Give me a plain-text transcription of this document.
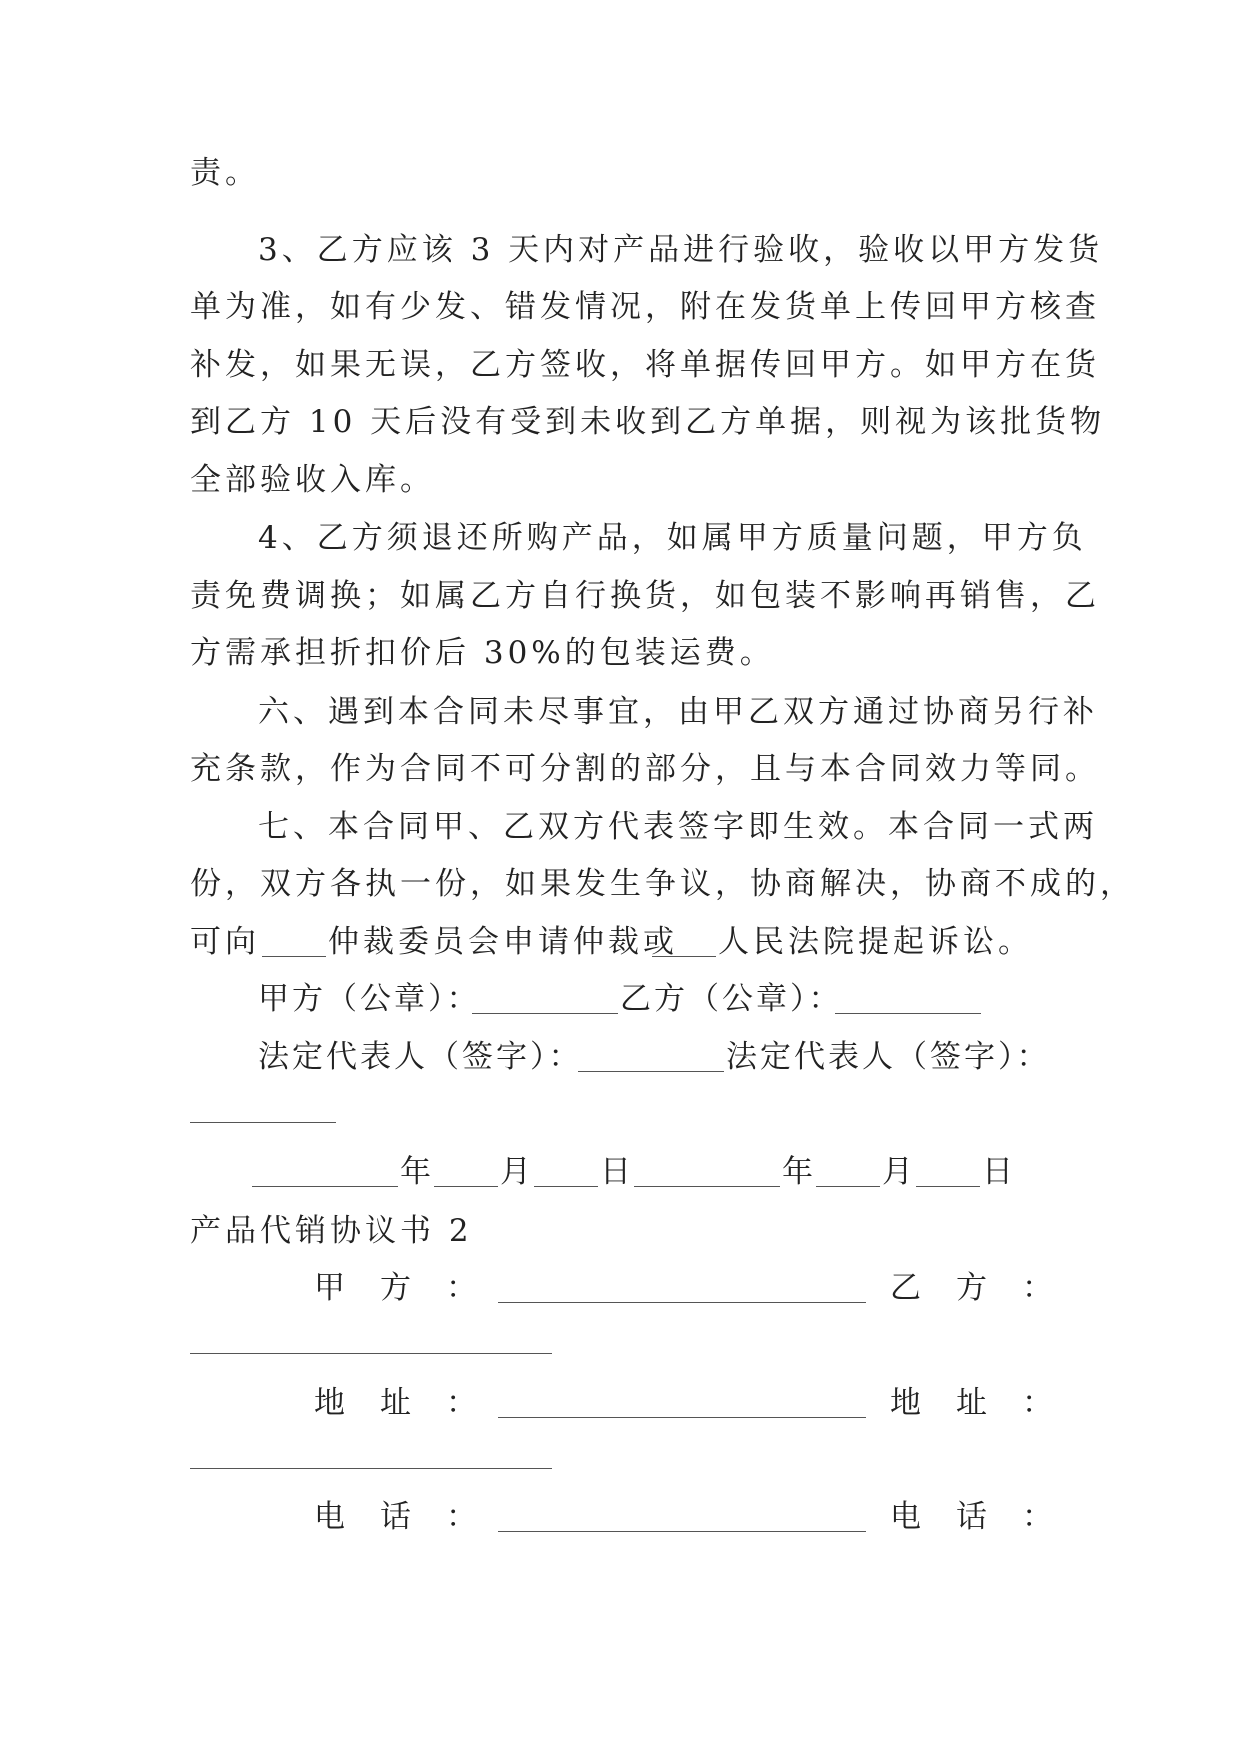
责。

3、乙方应该 3 天内对产品进行验收，验收以甲方发货

单为准，如有少发、错发情况，附在发货单上传回甲方核查

补发，如果无误，乙方签收，将单据传回甲方。如甲方在货

到乙方 10 天后没有受到未收到乙方单据，则视为该批货物

全部验收入库。

4、乙方须退还所购产品，如属甲方质量问题，甲方负

责免费调换；如属乙方自行换货，如包装不影响再销售，乙

方需承担折扣价后 30%的包装运费。

六、遇到本合同未尽事宜，由甲乙双方通过协商另行补

充条款，作为合同不可分割的部分，且与本合同效力等同。

七、本合同甲、乙双方代表签字即生效。本合同一式两

份，双方各执一份，如果发生争议，协商解决，协商不成的，

可向 仲裁委员会申请仲裁或 人民法院提起诉讼。
甲方（公章）：	乙方（公章）：
法定代表人（签字）：	法定代表人（签字）：
年 月 日	年 月 日

产品代销协议书 2

甲　方　：	乙　方　：
地　址　：	地　址　：
电　话　：	电　话　：
